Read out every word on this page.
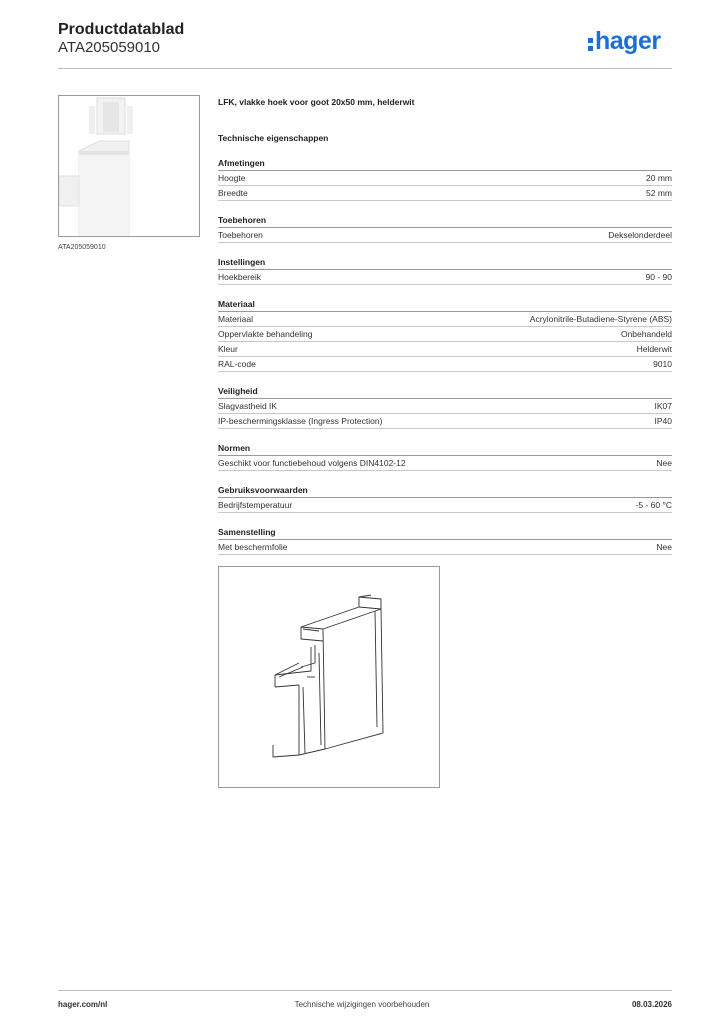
Productdatablad
ATA205059010	hager
ATA205059010
LFK, vlakke hoek voor goot 20x50 mm, helderwit
Technische eigenschappen
Afmetingen
Hoogte	20 mm
Breedte	52 mm
Toebehoren
Toebehoren	Dekselonderdeel
Instellingen
Hoekbereik	90 - 90
Materiaal
Materiaal	Acrylonitrile-Butadiene-Styrene (ABS)
Oppervlakte behandeling	Onbehandeld
Kleur	Helderwit
RAL-code	9010
Veiligheid
Slagvastheid IK	IK07
IP-beschermingsklasse (Ingress Protection)	IP40
Normen
Geschikt voor functiebehoud volgens DIN4102-12	Nee
Gebruiksvoorwaarden
Bedrijfstemperatuur	-5 - 60 °C
Samenstelling
Met beschermfolie	Nee
hager.com/nl	Technische wijzigingen voorbehouden	08.03.2026
